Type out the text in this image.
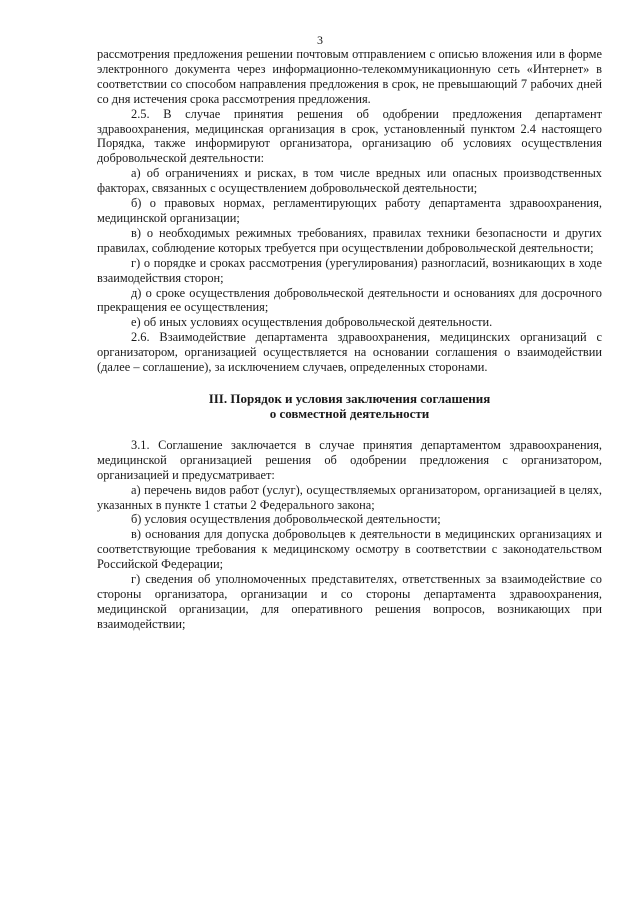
3

рассмотрения предложения решении почтовым отправлением с описью вложения или в форме электронного документа через информационно-телекоммуникационную сеть «Интернет» в соответствии со способом направления предложения в срок, не превышающий 7 рабочих дней со дня истечения срока рассмотрения предложения.

2.5. В случае принятия решения об одобрении предложения департамент здравоохранения, медицинская организация в срок, установленный пунктом 2.4 настоящего Порядка, также информируют организатора, организацию об условиях осуществления добровольческой деятельности:

а) об ограничениях и рисках, в том числе вредных или опасных производственных факторах, связанных с осуществлением добровольческой деятельности;

б) о правовых нормах, регламентирующих работу департамента здравоохранения, медицинской организации;

в) о необходимых режимных требованиях, правилах техники безопасности и других правилах, соблюдение которых требуется при осуществлении добровольческой деятельности;

г) о порядке и сроках рассмотрения (урегулирования) разногласий, возникающих в ходе взаимодействия сторон;

д) о сроке осуществления добровольческой деятельности и основаниях для досрочного прекращения ее осуществления;

е) об иных условиях осуществления добровольческой деятельности.

2.6. Взаимодействие департамента здравоохранения, медицинских организаций с организатором, организацией осуществляется на основании соглашения о взаимодействии (далее – соглашение), за исключением случаев, определенных сторонами.

III. Порядок и условия заключения соглашения
о совместной деятельности

3.1. Соглашение заключается в случае принятия департаментом здравоохранения, медицинской организацией решения об одобрении предложения с организатором, организацией и предусматривает:

а) перечень видов работ (услуг), осуществляемых организатором, организацией в целях, указанных в пункте 1 статьи 2 Федерального закона;

б) условия осуществления добровольческой деятельности;

в) основания для допуска добровольцев к деятельности в медицинских организациях и соответствующие требования к медицинскому осмотру в соответствии с законодательством Российской Федерации;

г) сведения об уполномоченных представителях, ответственных за взаимодействие со стороны организатора, организации и со стороны департамента здравоохранения, медицинской организации, для оперативного решения вопросов, возникающих при взаимодействии;
